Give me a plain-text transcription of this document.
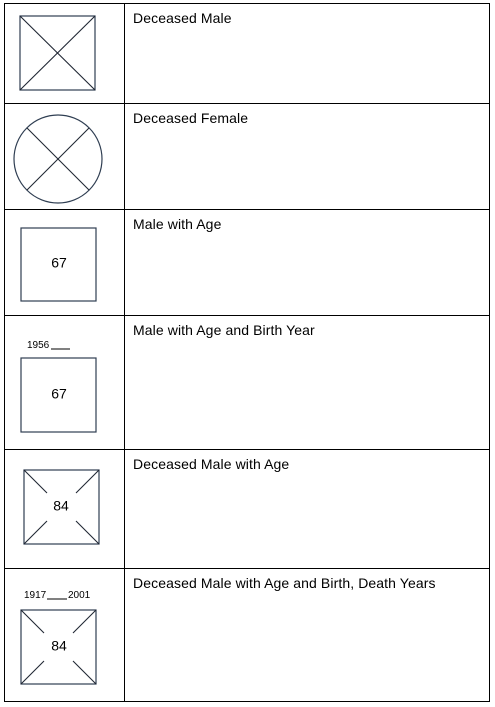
	Deceased Male

	Deceased Female

67	Male with Age

1956
67	Male with Age and Birth Year

84	Deceased Male with Age

1917 2001
84	Deceased Male with Age and Birth, Death Years
